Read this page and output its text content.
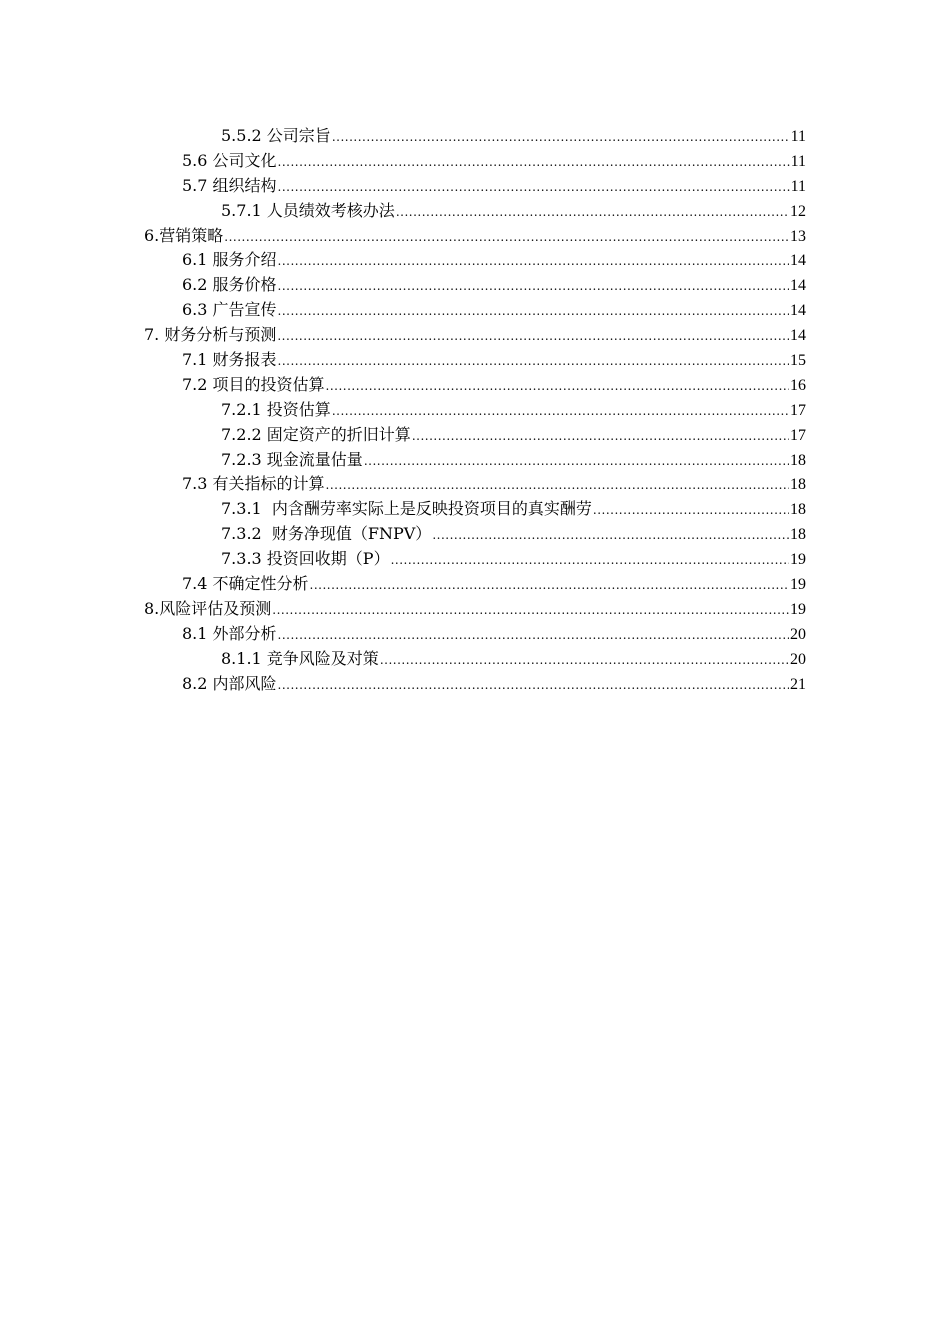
5.5.2 公司宗旨 .....	11
5.6 公司文化 .....	11
5.7 组织结构 .....	11
5.7.1 人员绩效考核办法 .....	12
6.营销策略 .....	13
6.1 服务介绍 .....	14
6.2 服务价格 .....	14
6.3 广告宣传 .....	14
7. 财务分析与预测 .....	14
7.1 财务报表 .....	15
7.2 项目的投资估算 .....	16
7.2.1 投资估算 .....	17
7.2.2 固定资产的折旧计算 .....	17
7.2.3 现金流量估量 .....	18
7.3 有关指标的计算 .....	18
7.3.1  内含酬劳率实际上是反映投资项目的真实酬劳 .....	18
7.3.2  财务净现值（FNPV） .....	18
7.3.3 投资回收期（P） .....	19
7.4 不确定性分析 .....	19
8.风险评估及预测 .....	19
8.1 外部分析 .....	20
8.1.1 竞争风险及对策 .....	20
8.2 内部风险 .....	21
